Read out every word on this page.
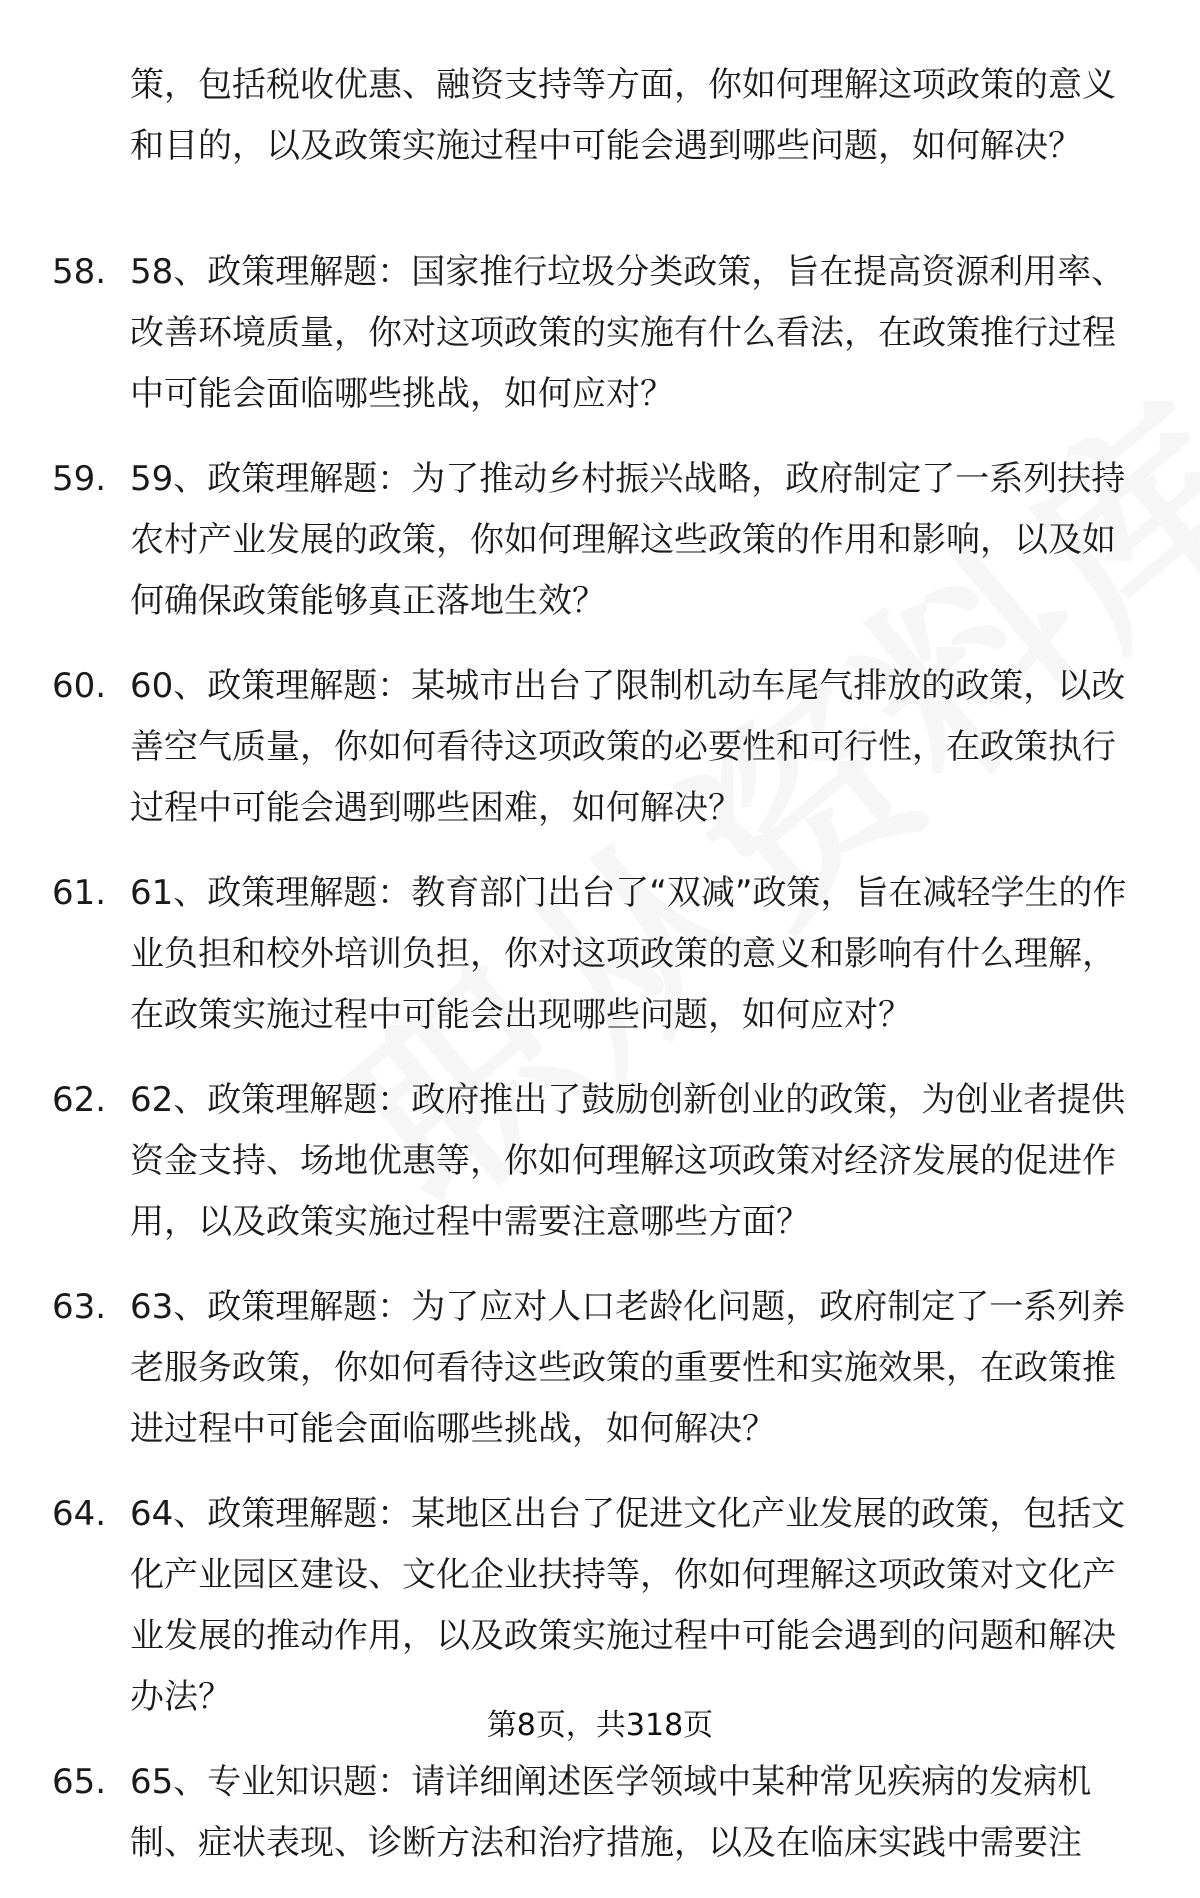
策，包括税收优惠、融资支持等方面，你如何理解这项政策的意义和目的，以及政策实施过程中可能会遇到哪些问题，如何解决？

58. 58、政策理解题：国家推行垃圾分类政策，旨在提高资源利用率、改善环境质量，你对这项政策的实施有什么看法，在政策推行过程中可能会面临哪些挑战，如何应对？
59. 59、政策理解题：为了推动乡村振兴战略，政府制定了一系列扶持农村产业发展的政策，你如何理解这些政策的作用和影响，以及如何确保政策能够真正落地生效？
60. 60、政策理解题：某城市出台了限制机动车尾气排放的政策，以改善空气质量，你如何看待这项政策的必要性和可行性，在政策执行过程中可能会遇到哪些困难，如何解决？
61. 61、政策理解题：教育部门出台了“双减”政策，旨在减轻学生的作业负担和校外培训负担，你对这项政策的意义和影响有什么理解，在政策实施过程中可能会出现哪些问题，如何应对？
62. 62、政策理解题：政府推出了鼓励创新创业的政策，为创业者提供资金支持、场地优惠等，你如何理解这项政策对经济发展的促进作用，以及政策实施过程中需要注意哪些方面？
63. 63、政策理解题：为了应对人口老龄化问题，政府制定了一系列养老服务政策，你如何看待这些政策的重要性和实施效果，在政策推进过程中可能会面临哪些挑战，如何解决？
64. 64、政策理解题：某地区出台了促进文化产业发展的政策，包括文化产业园区建设、文化企业扶持等，你如何理解这项政策对文化产业发展的推动作用，以及政策实施过程中可能会遇到的问题和解决办法？
65. 65、专业知识题：请详细阐述医学领域中某种常见疾病的发病机制、症状表现、诊断方法和治疗措施，以及在临床实践中需要注
第8页，共318页
